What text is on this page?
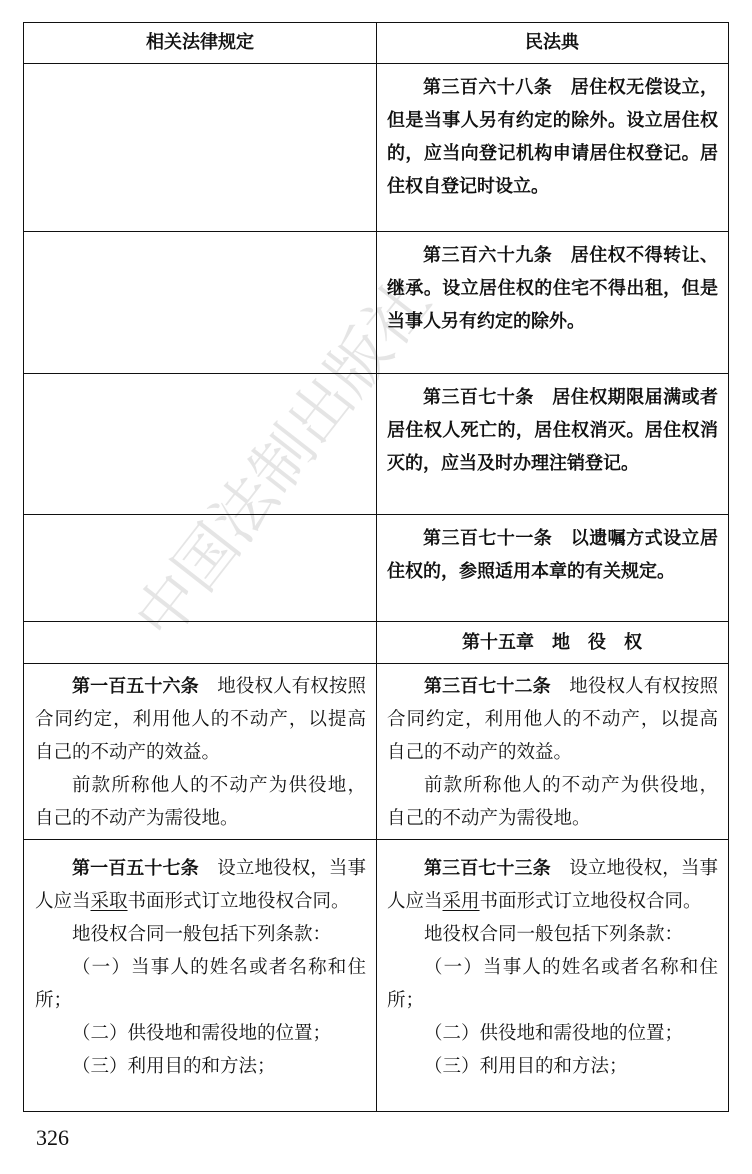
相关法律规定	民法典

第三百六十八条　 居住权无偿设立，但是当事人另有约定的除外。设立居住权的，应当向登记机构申请居住权登记。居住权自登记时设立。

第三百六十九条　 居住权不得转让、继承。设立居住权的住宅不得出租，但是当事人另有约定的除外。

第三百七十条　 居住权期限届满或者居住权人死亡的，居住权消灭。居住权消灭的，应当及时办理注销登记。

第三百七十一条　 以遗嘱方式设立居住权的，参照适用本章的有关规定。

第十五章　地　役　权

第一百五十六条　 地役权人有权按照合同约定，利用他人的不动产，以提高自己的不动产的效益。

前款所称他人的不动产为供役地，自己的不动产为需役地。

第三百七十二条　 地役权人有权按照合同约定，利用他人的不动产，以提高自己的不动产的效益。

前款所称他人的不动产为供役地，自己的不动产为需役地。

第一百五十七条　 设立地役权，当事人应当采取书面形式订立地役权合同。

地役权合同一般包括下列条款：

（一）当事人的姓名或者名称和住所；

（二）供役地和需役地的位置；

（三）利用目的和方法；

第三百七十三条　 设立地役权，当事人应当采用书面形式订立地役权合同。

地役权合同一般包括下列条款：

（一）当事人的姓名或者名称和住所；

（二）供役地和需役地的位置；

（三）利用目的和方法；

中国法制出版社
326
